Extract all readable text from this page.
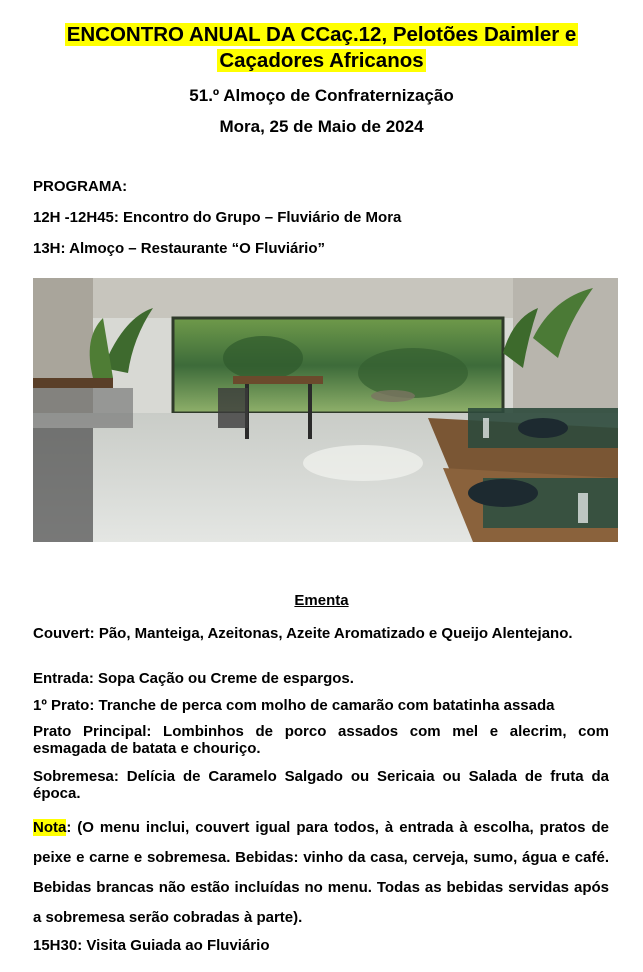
ENCONTRO ANUAL DA CCaç.12, Pelotões Daimler e
Caçadores Africanos
51.º Almoço de Confraternização
Mora, 25 de Maio de 2024
PROGRAMA:
12H -12H45: Encontro do Grupo – Fluviário de Mora
13H: Almoço – Restaurante “O Fluviário”
Ementa
Couvert: Pão, Manteiga, Azeitonas, Azeite Aromatizado e Queijo Alentejano.
Entrada: Sopa Cação ou Creme de espargos.
1º Prato: Tranche de perca com molho de camarão com batatinha assada
Prato Principal: Lombinhos de porco assados com mel e alecrim, com esmagada de batata e chouriço.
Sobremesa: Delícia de Caramelo Salgado ou Sericaia ou Salada de fruta da época.
Nota: (O menu inclui, couvert igual para todos, à entrada à escolha, pratos de peixe e carne e sobremesa. Bebidas: vinho da casa, cerveja, sumo, água e café. Bebidas brancas não estão incluídas no menu. Todas as bebidas servidas após a sobremesa serão cobradas à parte).
15H30: Visita Guiada ao Fluviário
